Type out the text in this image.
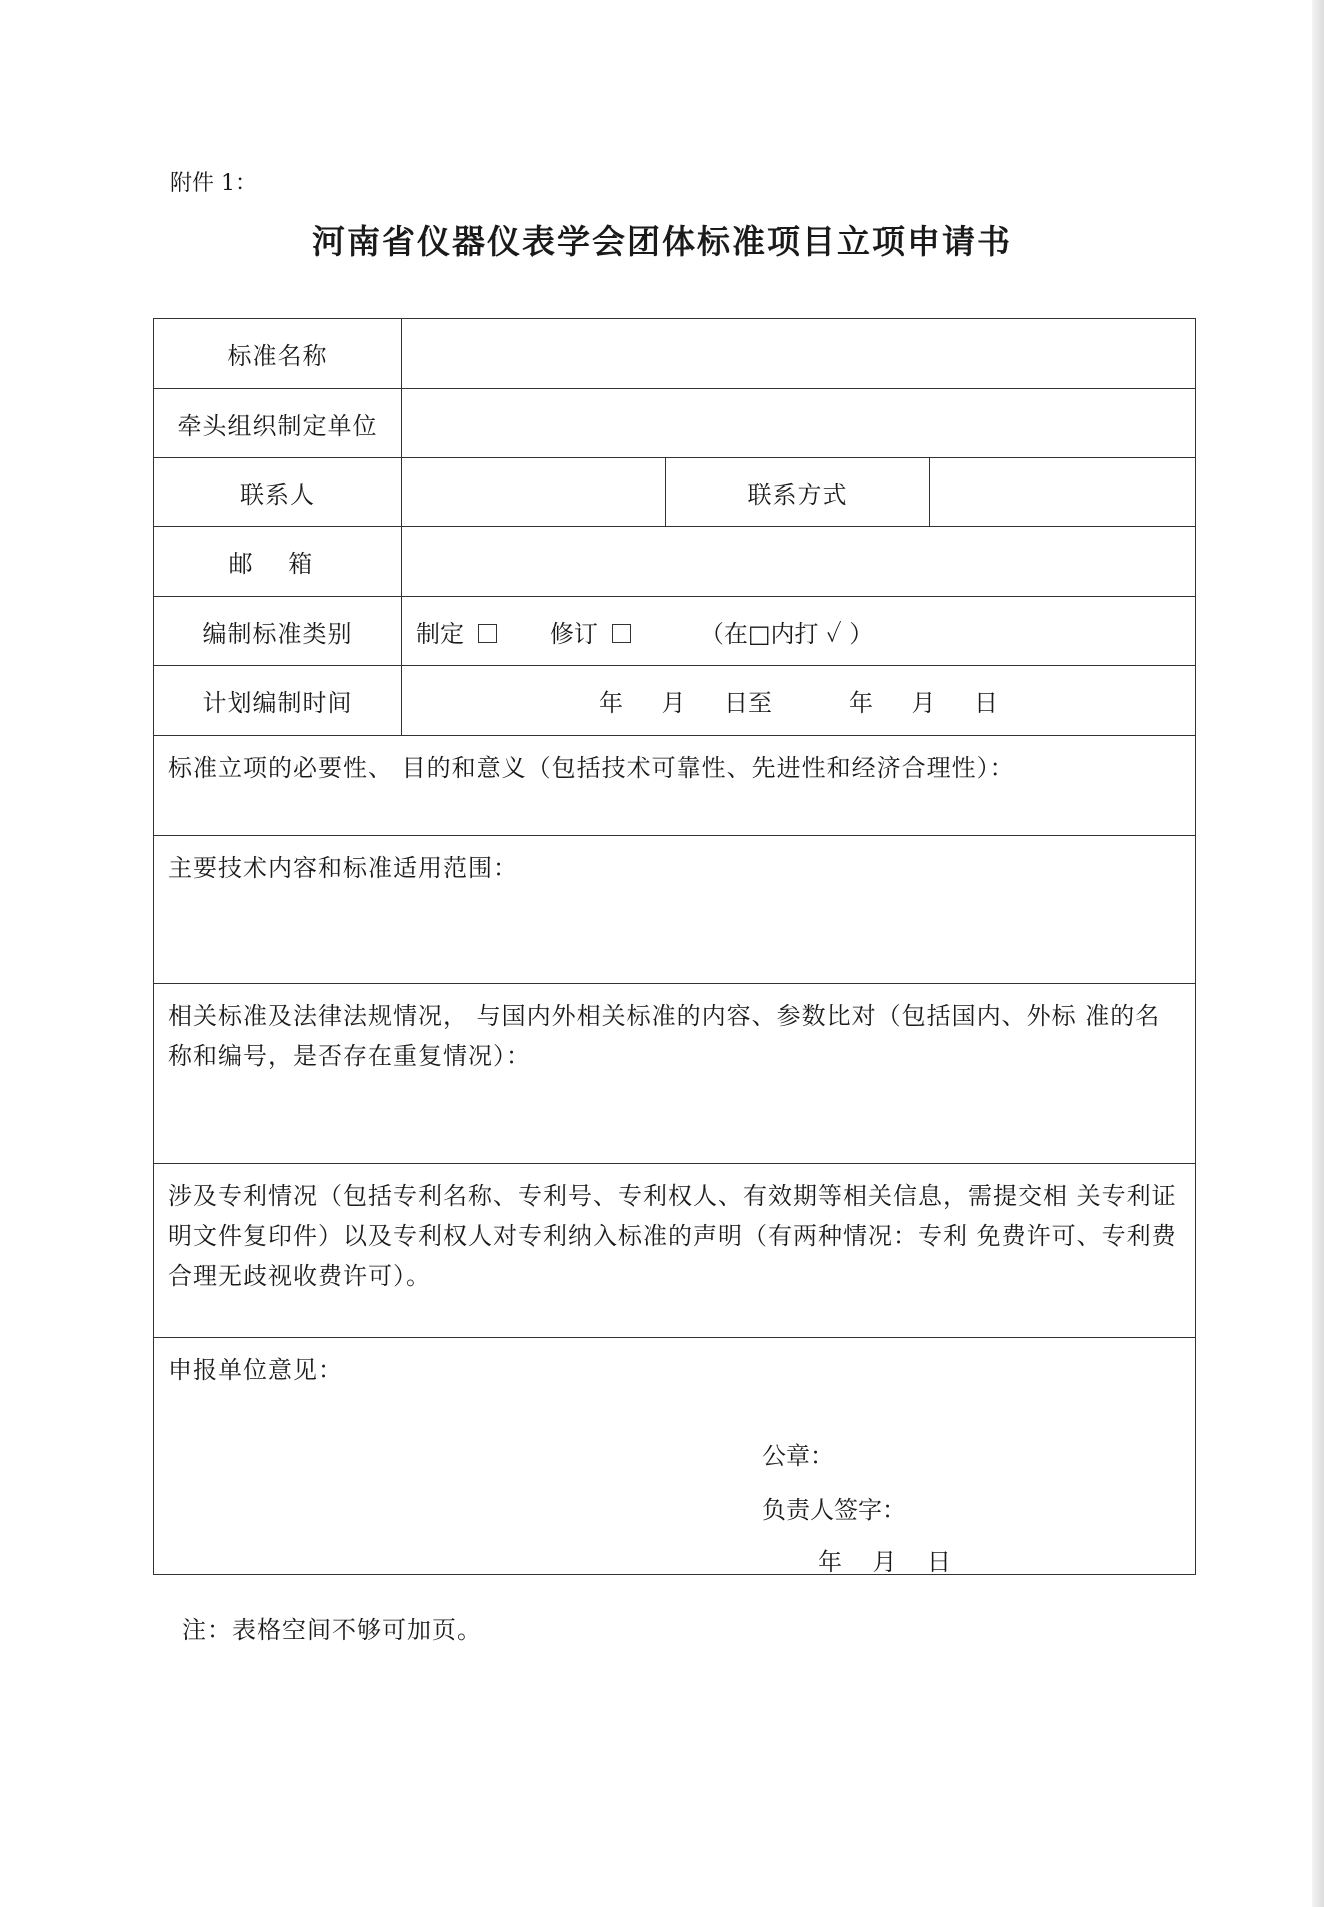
附件 1：
河南省仪器仪表学会团体标准项目立项申请书
标准名称			
牵头组织制定单位			
联系人		联系方式	
邮 箱			
编制标准类别	制定 修订 （在□内打 ✓ ）		
计划编制时间	年    月    日至        年    月    日		
标准立项的必要性、 目的和意义（包括技术可靠性、先进性和经济合理性）：			
主要技术内容和标准适用范围：			
相关标准及法律法规情况， 与国内外相关标准的内容、参数比对（包括国内、外标 准的名称和编号，是否存在重复情况）：			
涉及专利情况（包括专利名称、专利号、专利权人、有效期等相关信息，需提交相 关专利证明文件复印件）以及专利权人对专利纳入标准的声明（有两种情况：专利 免费许可、专利费合理无歧视收费许可）。			
申报单位意见：			
公章：
负责人签字：
年    月    日
注：表格空间不够可加页。
